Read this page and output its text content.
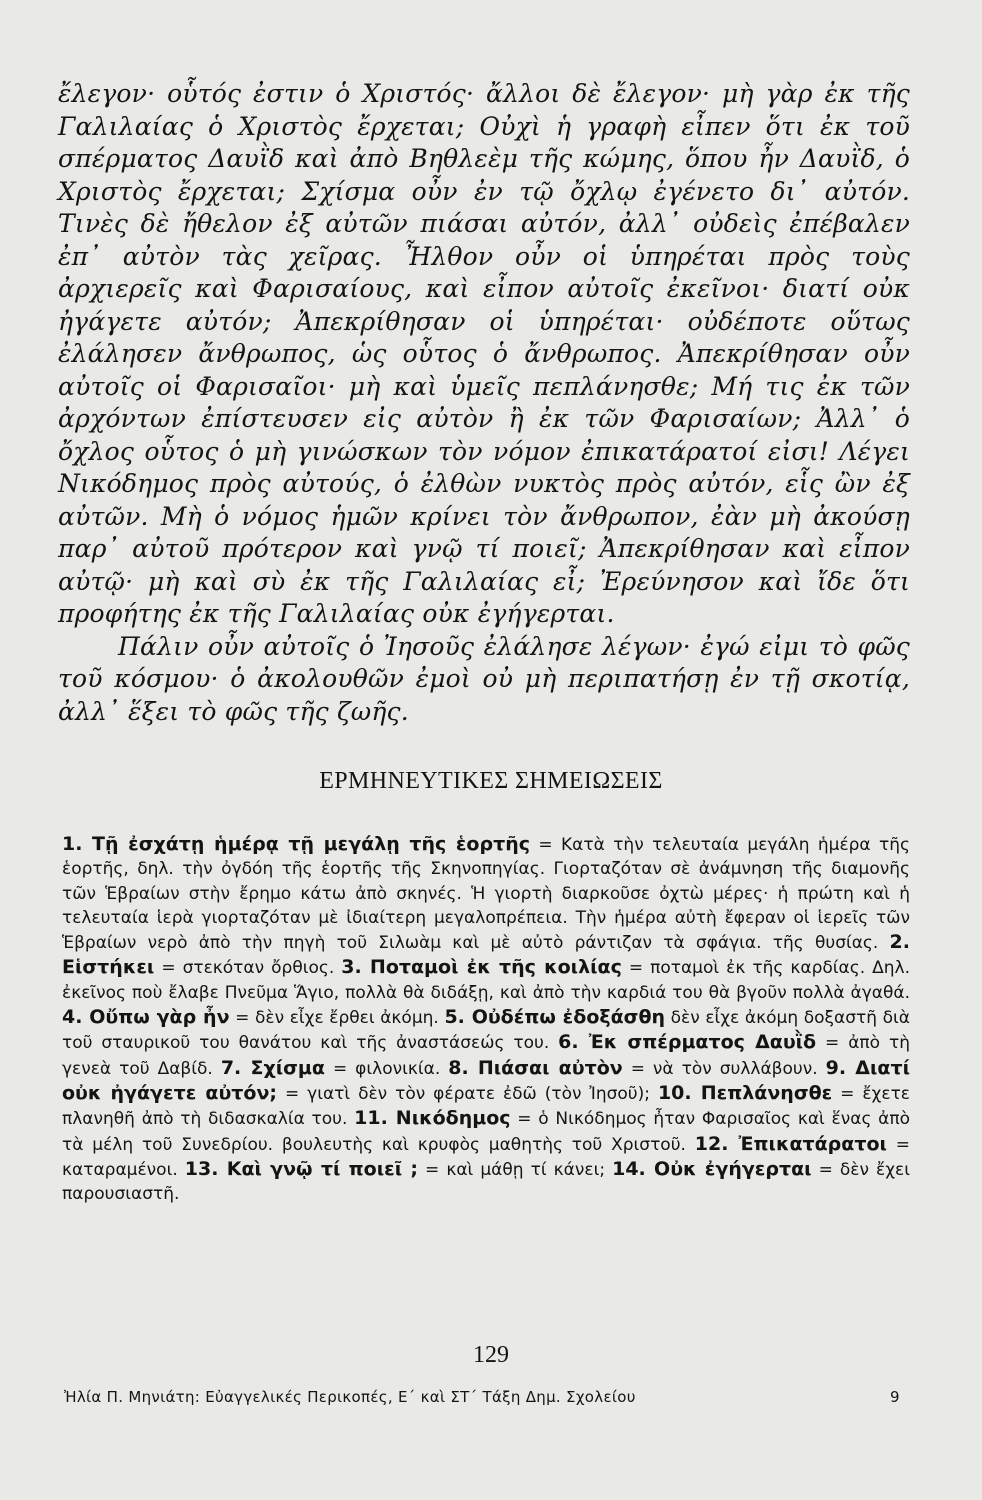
ἔλεγον· οὗτός ἐστιν ὁ Χριστός· ἄλλοι δὲ ἔλεγον· μὴ γὰρ ἐκ τῆς Γαλιλαίας ὁ Χριστὸς ἔρχεται; Οὐχὶ ἡ γραφὴ εἶπεν ὅτι ἐκ τοῦ σπέρματος Δαυῒδ καὶ ἀπὸ Βηθλεὲμ τῆς κώμης, ὅπου ἦν Δαυῒδ, ὁ Χριστὸς ἔρχεται; Σχίσμα οὖν ἐν τῷ ὄχλῳ ἐγένετο δι᾿ αὐτόν. Τινὲς δὲ ἤθελον ἐξ αὐτῶν πιάσαι αὐτόν, ἀλλ᾿ οὐδεὶς ἐπέβαλεν ἐπ᾿ αὐτὸν τὰς χεῖρας. Ἦλθον οὖν οἱ ὑπηρέται πρὸς τοὺς ἀρχιερεῖς καὶ Φαρισαίους, καὶ εἶπον αὐτοῖς ἐκεῖνοι· διατί οὐκ ἠγάγετε αὐτόν; Ἀπεκρίθησαν οἱ ὑπηρέται· οὐδέποτε οὕτως ἐλάλησεν ἄνθρωπος, ὡς οὗτος ὁ ἄνθρωπος. Ἀπεκρίθησαν οὖν αὐτοῖς οἱ Φαρισαῖοι· μὴ καὶ ὑμεῖς πεπλάνησθε; Μή τις ἐκ τῶν ἀρχόντων ἐπίστευσεν εἰς αὐτὸν ἢ ἐκ τῶν Φαρισαίων; Ἀλλ᾿ ὁ ὄχλος οὗτος ὁ μὴ γινώσκων τὸν νόμον ἐπικατάρατοί εἰσι! Λέγει Νικόδημος πρὸς αὐτούς, ὁ ἐλθὼν νυκτὸς πρὸς αὐτόν, εἷς ὢν ἐξ αὐτῶν. Μὴ ὁ νόμος ἡμῶν κρίνει τὸν ἄνθρωπον, ἐὰν μὴ ἀκούσῃ παρ᾿ αὐτοῦ πρότερον καὶ γνῷ τί ποιεῖ; Ἀπεκρίθησαν καὶ εἶπον αὐτῷ· μὴ καὶ σὺ ἐκ τῆς Γαλιλαίας εἶ; Ἐρεύνησον καὶ ἴδε ὅτι προφήτης ἐκ τῆς Γαλιλαίας οὐκ ἐγήγερται.

Πάλιν οὖν αὐτοῖς ὁ Ἰησοῦς ἐλάλησε λέγων· ἐγώ εἰμι τὸ φῶς τοῦ κόσμου· ὁ ἀκολουθῶν ἐμοὶ οὐ μὴ περιπατήσῃ ἐν τῇ σκοτίᾳ, ἀλλ᾿ ἕξει τὸ φῶς τῆς ζωῆς.

ΕΡΜΗΝΕΥΤΙΚΕΣ ΣΗΜΕΙΩΣΕΙΣ
1. Τῇ ἐσχάτῃ ἡμέρᾳ τῇ μεγάλῃ τῆς ἑορτῆς = Κατὰ τὴν τελευταία μεγάλη ἡμέρα τῆς ἑορτῆς, δηλ. τὴν ὀγδόη τῆς ἑορτῆς τῆς Σκηνοπηγίας. Γιορταζόταν σὲ ἀνάμνηση τῆς διαμονῆς τῶν Ἑβραίων στὴν ἔρημο κάτω ἀπὸ σκηνές. Ἡ γιορτὴ διαρκοῦσε ὀχτὼ μέρες· ἡ πρώτη καὶ ἡ τελευταία ἱερὰ γιορταζόταν μὲ ἰδιαίτερη μεγαλοπρέπεια. Τὴν ἡμέρα αὐτὴ ἔφεραν οἱ ἱερεῖς τῶν Ἑβραίων νερὸ ἀπὸ τὴν πηγὴ τοῦ Σιλωὰμ καὶ μὲ αὐτὸ ράντιζαν τὰ σφάγια. τῆς θυσίας. 2. Εἱστήκει = στεκόταν ὄρθιος. 3. Ποταμοὶ ἐκ τῆς κοιλίας = ποταμοὶ ἐκ τῆς καρδίας. Δηλ. ἐκεῖνος ποὺ ἔλαβε Πνεῦμα Ἅγιο, πολλὰ θὰ διδάξῃ, καὶ ἀπὸ τὴν καρδιά του θὰ βγοῦν πολλὰ ἀγαθά. 4. Οὔπω γὰρ ἦν = δὲν εἶχε ἔρθει ἀκόμη. 5. Οὐδέπω ἐδοξάσθη δὲν εἶχε ἀκόμη δοξαστῆ διὰ τοῦ σταυρικοῦ του θανάτου καὶ τῆς ἀναστάσεώς του. 6. Ἐκ σπέρματος Δαυῒδ = ἀπὸ τὴ γενεὰ τοῦ Δαβίδ. 7. Σχίσμα = φιλονικία. 8. Πιάσαι αὐτὸν = νὰ τὸν συλλάβουν. 9. Διατί οὐκ ἠγάγετε αὐτόν; = γιατὶ δὲν τὸν φέρατε ἐδῶ (τὸν Ἰησοῦ); 10. Πεπλάνησθε = ἔχετε πλανηθῆ ἀπὸ τὴ διδασκαλία του. 11. Νικόδημος = ὁ Νικόδημος ἦταν Φαρισαῖος καὶ ἕνας ἀπὸ τὰ μέλη τοῦ Συνεδρίου. βουλευτὴς καὶ κρυφὸς μαθητὴς τοῦ Χριστοῦ. 12. Ἐπικατάρατοι = καταραμένοι. 13. Καὶ γνῷ τί ποιεῖ ; = καὶ μάθῃ τί κάνει; 14. Οὐκ ἐγήγερται = δὲν ἔχει παρουσιαστῆ.
129
Ἠλία Π. Μηνιάτη: Εὐαγγελικές Περικοπές, Ε΄ καὶ ΣΤ΄ Τάξη Δημ. Σχολείου	9
